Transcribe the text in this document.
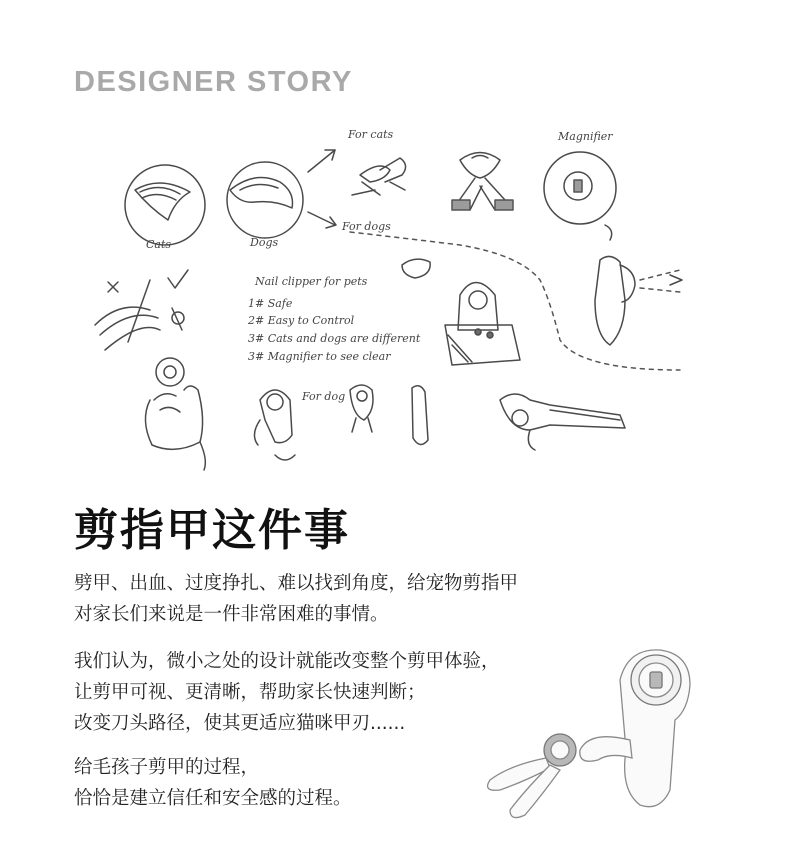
DESIGNER STORY
Cats	Dogs
For cats
For dogs
Magnifier
Nail clipper for pets
1# Safe
2# Easy to Control
3# Cats and dogs are different
3# Magnifier to see clear
For dog
剪指甲这件事

劈甲、出血、过度挣扎、难以找到角度，给宠物剪指甲
对家长们来说是一件非常困难的事情。

我们认为，微小之处的设计就能改变整个剪甲体验，
让剪甲可视、更清晰，帮助家长快速判断；
改变刀头路径，使其更适应猫咪甲刃......

给毛孩子剪甲的过程，
恰恰是建立信任和安全感的过程。
